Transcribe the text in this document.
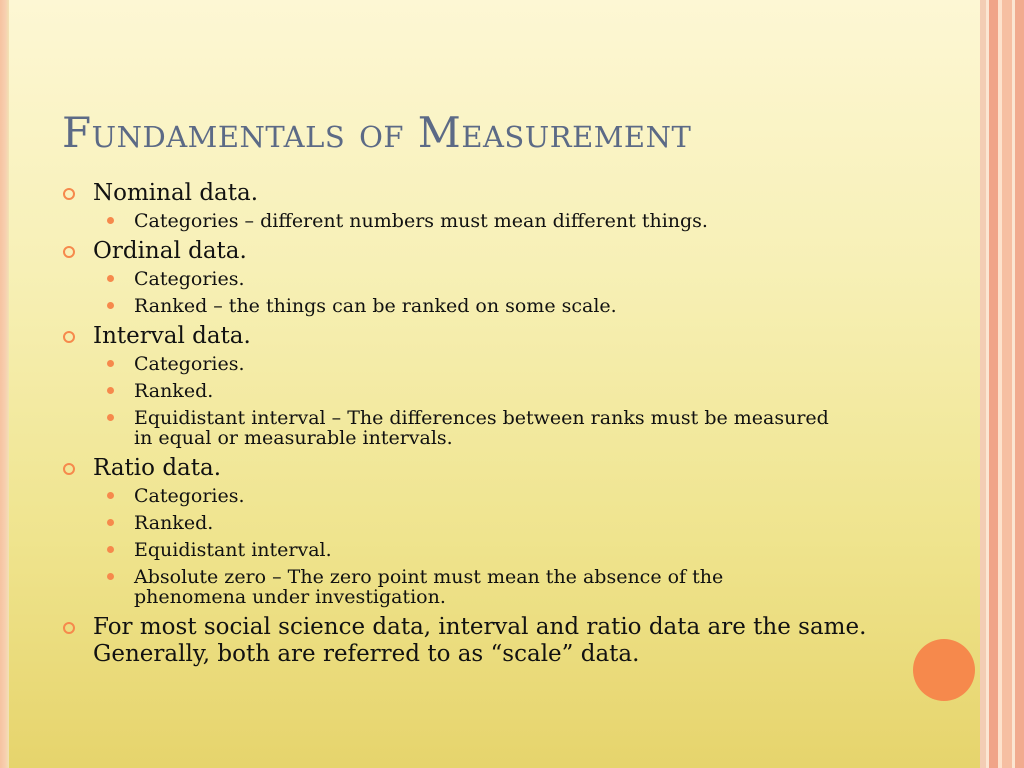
Fundamentals of Measurement
Nominal data.
Categories – different numbers must mean different things.
Ordinal data.
Categories.
Ranked – the things can be ranked on some scale.
Interval data.
Categories.
Ranked.
Equidistant interval – The differences between ranks must be measured in equal or measurable intervals.
Ratio data.
Categories.
Ranked.
Equidistant interval.
Absolute zero – The zero point must mean the absence of the phenomena under investigation.
For most social science data, interval and ratio data are the same. Generally, both are referred to as “scale” data.
